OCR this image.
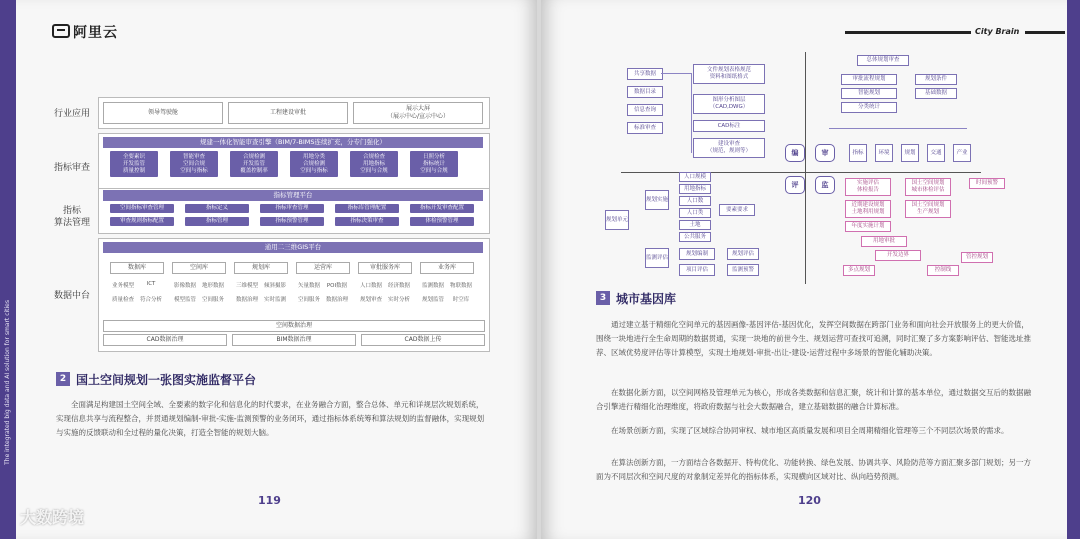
The integrated big data and AI solution for smart cities
阿里云
行业应用
指标审查
指标
算法管理
数据中台
领导驾驶舱	工程建设审批
展示大屏
（展示中心/宣示中心）
规建一体化智能审查引擎（BIM/7-BIMS连续扩充，分专门强化）
全要素识
开发监管
质量控制
智能审查
空间合规
空间与指标
合规检测
开发监管
覆盖控制率
用地分类
合规检测
空间与指标
合规检查
用地指标
空间与合规
日照分析
指标统计
空间与合规
指标管理平台
空间指标审查管理	指标定义	指标审查管理	指标库管理配置	指标开发审查配置
审查规则指标配置	指标管理	指标预警管理	指标决策审查	体检预警管理
通用二三维GIS平台
数据库	空间库	规划库	运营库	审批服务库	业务库
业务模型	ICT	影像数据	地形数据	三维模型	倾斜摄影	矢量数据	POI数据	人口数据	经济数据	监测数据	物联数据
质量检查	符合分析	模型监管	空间服务	数据治理	实时监测	空间服务	数据治理	规划审查	实时分析	规划监管	时空库
空间数据治理
CAD数据治理	BIM数据治理	CAD数据上传
2 国土空间规划一张图实施监督平台

全面满足构建国土空间全域、全要素的数字化和信息化的时代要求，在业务融合方面，整合总体、单元和详规层次规划系统，实现信息共享与流程整合，并贯通规划编制-审批-实施-监测预警的业务闭环，通过指标体系统筹和算法规划的监督融体，实现规划与实施的反馈联动和全过程的量化决策，打造全智能的规划大脑。

119
大数跨境
City Brain
共享数据
数据目录
信息查询
标准审查
文件规划表格规范
资料和图纸格式
图形分析图层
（CAD,DWG）
CAD标注
建设审查
（规范，规则等）
总体规划审查
审批流程规划	规划条件
智能规划	基础数据
分类统计
指标	环境	规划	交通	产业
编	审
评	监
规划单元
规划实施
监测评估
人口规模
用地指标
人口数
人口类
土地
公共服务
要素要求
规划编制
项目评估
规划评估
监测预警
实施评估
体检报告
国土空间规划
城市体检评估
时间预警
近期建设规划
土地利用规划
国土空间规划
生产规划
年度实施计划
用地审批
开发边界
多点规划	控制线
管控规划
3 城市基因库

通过建立基于精细化空间单元的基因画像-基因评估-基因优化，发挥空间数据在跨部门业务和面向社会开放服务上的更大价值，围绕一块地进行全生命周期的数据贯通，实现一块地的前世今生、规划运营可查找可追溯，同时汇聚了多方案影响评估、智能选址推荐、区域优势度评估等计算模型，实现土地规划-审批-出让-建设-运营过程中多场景的智能化辅助决策。

在数据化新方面，以空间网格及管理单元为核心，形成各类数据和信息汇聚，统计和计算的基本单位，通过数据交互后的数据融合引擎进行精细化治理维度，将政府数据与社会大数据融合，建立基础数据的融合计算标准。

在场景创新方面，实现了区域综合协同审权、城市地区高质量发展和项目全周期精细化管理等三个不同层次场景的需求。

在算法创新方面，一方面结合各数据开、特构优化、功能转换、绿色发展、协调共享、风险防范等方面汇聚多部门规划；另一方面为不同层次和空间尺度的对象制定差异化的指标体系，实现横向区域对比、纵向趋势预测。

120
